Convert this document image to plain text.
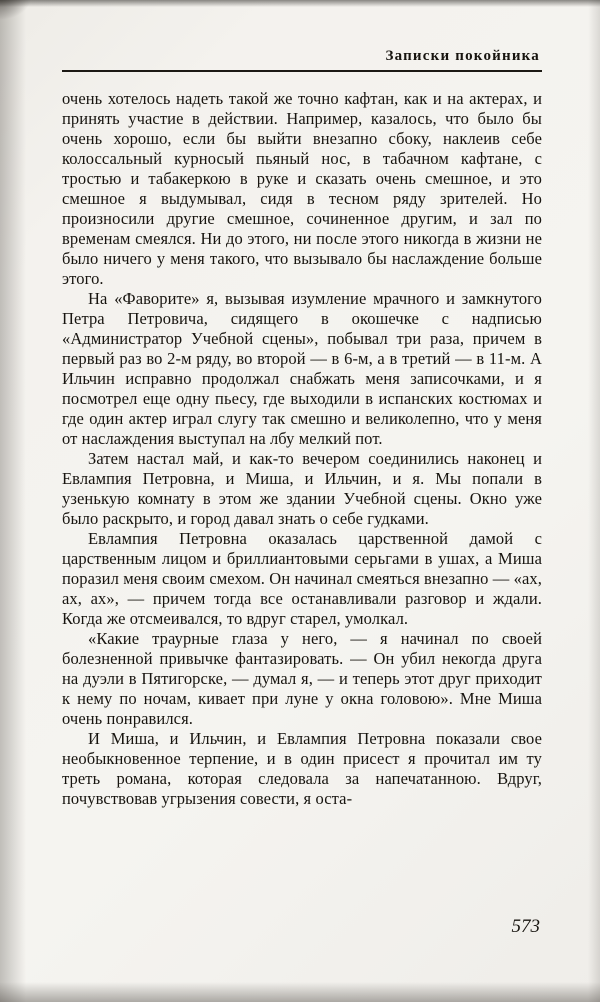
Записки покойника

очень хотелось надеть такой же точно кафтан, как и на актерах, и принять участие в действии. Например, казалось, что было бы очень хорошо, если бы выйти внезапно сбоку, наклеив себе колоссальный курносый пьяный нос, в табачном кафтане, с тростью и табакеркою в руке и сказать очень смешное, и это смешное я выдумывал, сидя в тесном ряду зрителей. Но произносили другие смешное, сочиненное другим, и зал по временам смеялся. Ни до этого, ни после этого никогда в жизни не было ничего у меня такого, что вызывало бы наслаждение больше этого.

На «Фаворите» я, вызывая изумление мрачного и замкнутого Петра Петровича, сидящего в окошечке с надписью «Администратор Учебной сцены», побывал три раза, причем в первый раз во 2-м ряду, во второй — в 6-м, а в третий — в 11-м. А Ильчин исправно продолжал снабжать меня записочками, и я посмотрел еще одну пьесу, где выходили в испанских костюмах и где один актер играл слугу так смешно и великолепно, что у меня от наслаждения выступал на лбу мелкий пот.

Затем настал май, и как-то вечером соединились наконец и Евлампия Петровна, и Миша, и Ильчин, и я. Мы попали в узенькую комнату в этом же здании Учебной сцены. Окно уже было раскрыто, и город давал знать о себе гудками.

Евлампия Петровна оказалась царственной дамой с царственным лицом и бриллиантовыми серьгами в ушах, а Миша поразил меня своим смехом. Он начинал смеяться внезапно — «ах, ах, ах», — причем тогда все останавливали разговор и ждали. Когда же отсмеивался, то вдруг старел, умолкал.

«Какие траурные глаза у него, — я начинал по своей болезненной привычке фантазировать. — Он убил некогда друга на дуэли в Пятигорске, — думал я, — и теперь этот друг приходит к нему по ночам, кивает при луне у окна головою». Мне Миша очень понравился.

И Миша, и Ильчин, и Евлампия Петровна показали свое необыкновенное терпение, и в один присест я прочитал им ту треть романа, которая следовала за напечатанною. Вдруг, почувствовав угрызения совести, я оста-

573
